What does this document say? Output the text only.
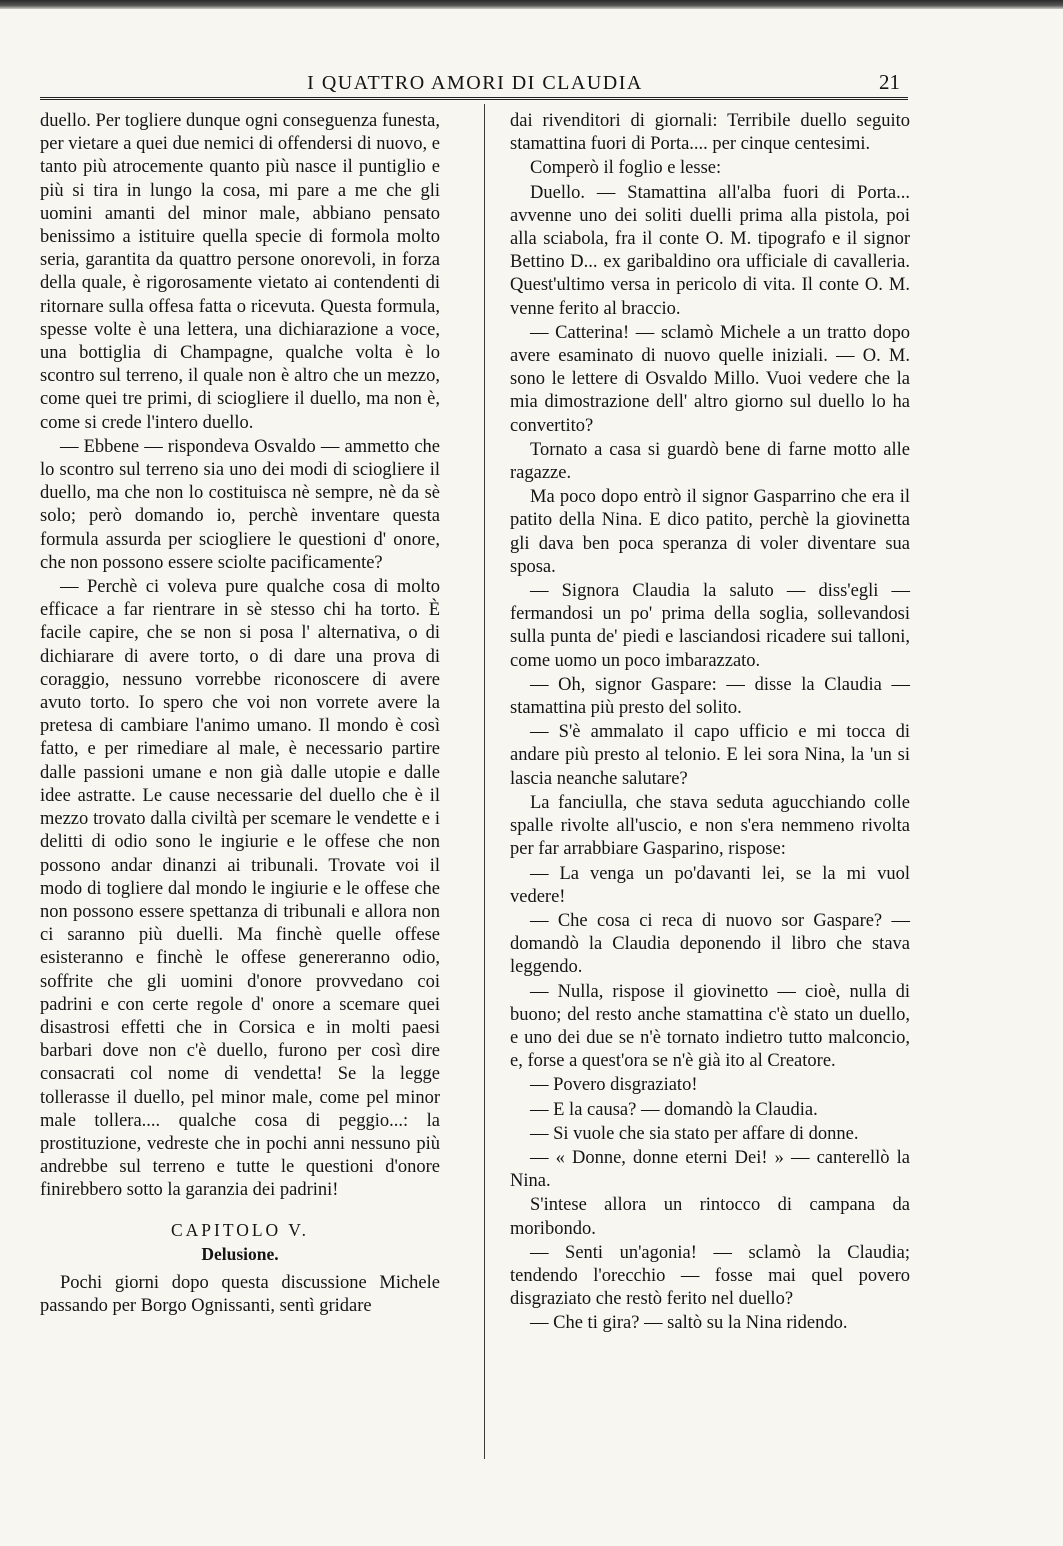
I QUATTRO AMORI DI CLAUDIA	21

duello. Per togliere dunque ogni conseguenza funesta, per vietare a quei due nemici di offendersi di nuovo, e tanto più atrocemente quanto più nasce il puntiglio e più si tira in lungo la cosa, mi pare a me che gli uomini amanti del minor male, abbiano pensato benissimo a istituire quella specie di formola molto seria, garantita da quattro persone onorevoli, in forza della quale, è rigorosamente vietato ai contendenti di ritornare sulla offesa fatta o ricevuta. Questa formula, spesse volte è una lettera, una dichiarazione a voce, una bottiglia di Champagne, qualche volta è lo scontro sul terreno, il quale non è altro che un mezzo, come quei tre primi, di sciogliere il duello, ma non è, come si crede l'intero duello.

— Ebbene — rispondeva Osvaldo — ammetto che lo scontro sul terreno sia uno dei modi di sciogliere il duello, ma che non lo costituisca nè sempre, nè da sè solo; però domando io, perchè inventare questa formula assurda per sciogliere le questioni d' onore, che non possono essere sciolte pacificamente?

— Perchè ci voleva pure qualche cosa di molto efficace a far rientrare in sè stesso chi ha torto. È facile capire, che se non si posa l' alternativa, o di dichiarare di avere torto, o di dare una prova di coraggio, nessuno vorrebbe riconoscere di avere avuto torto. Io spero che voi non vorrete avere la pretesa di cambiare l'animo umano. Il mondo è così fatto, e per rimediare al male, è necessario partire dalle passioni umane e non già dalle utopie e dalle idee astratte. Le cause necessarie del duello che è il mezzo trovato dalla civiltà per scemare le vendette e i delitti di odio sono le ingiurie e le offese che non possono andar dinanzi ai tribunali. Trovate voi il modo di togliere dal mondo le ingiurie e le offese che non possono essere spettanza di tribunali e allora non ci saranno più duelli. Ma finchè quelle offese esisteranno e finchè le offese genereranno odio, soffrite che gli uomini d'onore provvedano coi padrini e con certe regole d' onore a scemare quei disastrosi effetti che in Corsica e in molti paesi barbari dove non c'è duello, furono per così dire consacrati col nome di vendetta! Se la legge tollerasse il duello, pel minor male, come pel minor male tollera.... qualche cosa di peggio...: la prostituzione, vedreste che in pochi anni nessuno più andrebbe sul terreno e tutte le questioni d'onore finirebbero sotto la garanzia dei padrini!

CAPITOLO V.

Delusione.

Pochi giorni dopo questa discussione Michele passando per Borgo Ognissanti, sentì gridare

dai rivenditori di giornali: Terribile duello seguito stamattina fuori di Porta.... per cinque centesimi.

Comperò il foglio e lesse:

Duello. — Stamattina all'alba fuori di Porta... avvenne uno dei soliti duelli prima alla pistola, poi alla sciabola, fra il conte O. M. tipografo e il signor Bettino D... ex garibaldino ora ufficiale di cavalleria. Quest'ultimo versa in pericolo di vita. Il conte O. M. venne ferito al braccio.

— Catterina! — sclamò Michele a un tratto dopo avere esaminato di nuovo quelle iniziali. — O. M. sono le lettere di Osvaldo Millo. Vuoi vedere che la mia dimostrazione dell' altro giorno sul duello lo ha convertito?

Tornato a casa si guardò bene di farne motto alle ragazze.

Ma poco dopo entrò il signor Gasparrino che era il patito della Nina. E dico patito, perchè la giovinetta gli dava ben poca speranza di voler diventare sua sposa.

— Signora Claudia la saluto — diss'egli — fermandosi un po' prima della soglia, sollevandosi sulla punta de' piedi e lasciandosi ricadere sui talloni, come uomo un poco imbarazzato.

— Oh, signor Gaspare: — disse la Claudia — stamattina più presto del solito.

— S'è ammalato il capo ufficio e mi tocca di andare più presto al telonio. E lei sora Nina, la 'un si lascia neanche salutare?

La fanciulla, che stava seduta agucchiando colle spalle rivolte all'uscio, e non s'era nemmeno rivolta per far arrabbiare Gasparino, rispose:

— La venga un po'davanti lei, se la mi vuol vedere!

— Che cosa ci reca di nuovo sor Gaspare? — domandò la Claudia deponendo il libro che stava leggendo.

— Nulla, rispose il giovinetto — cioè, nulla di buono; del resto anche stamattina c'è stato un duello, e uno dei due se n'è tornato indietro tutto malconcio, e, forse a quest'ora se n'è già ito al Creatore.

— Povero disgraziato!

— E la causa? — domandò la Claudia.

— Si vuole che sia stato per affare di donne.

— « Donne, donne eterni Dei! » — canterellò la Nina.

S'intese allora un rintocco di campana da moribondo.

— Senti un'agonia! — sclamò la Claudia; tendendo l'orecchio — fosse mai quel povero disgraziato che restò ferito nel duello?

— Che ti gira? — saltò su la Nina ridendo.
